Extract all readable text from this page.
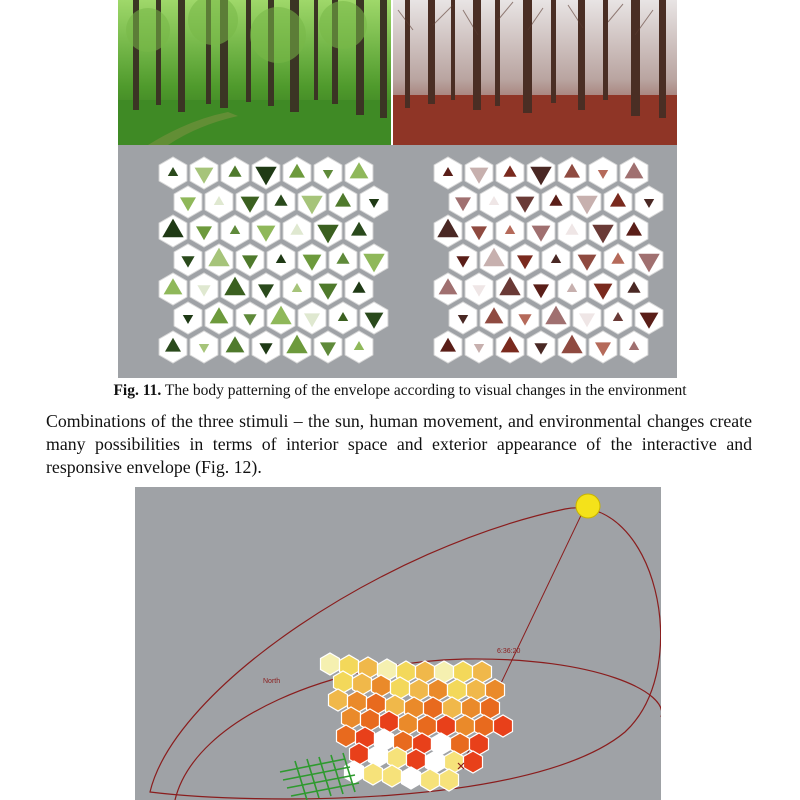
Fig. 11. The body patterning of the envelope according to visual changes in the environment
Combinations of the three stimuli – the sun, human movement, and environmental changes create many possibilities in terms of interior space and exterior appearance of the interactive and responsive envelope (Fig. 12).
North
6:36:20
